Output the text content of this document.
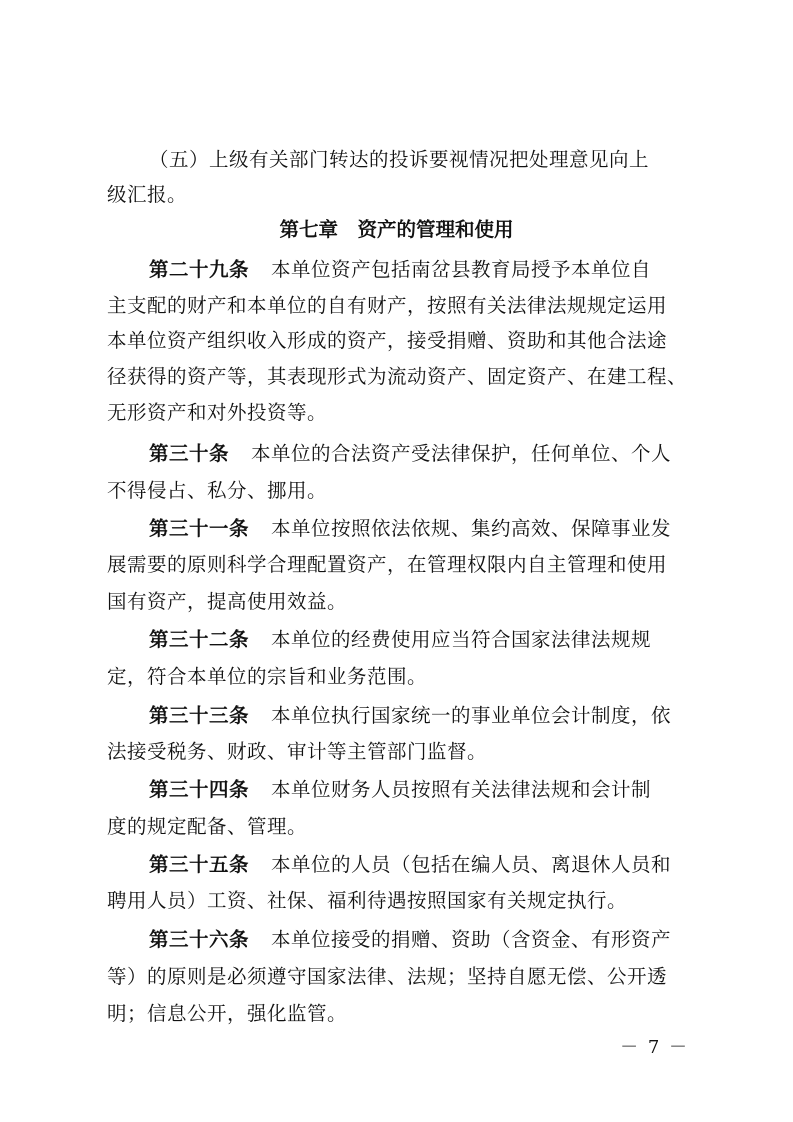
（五）上级有关部门转达的投诉要视情况把处理意见向上
级汇报。
第七章　资产的管理和使用
第二十九条 本单位资产包括南岔县教育局授予本单位自
主支配的财产和本单位的自有财产，按照有关法律法规规定运用
本单位资产组织收入形成的资产，接受捐赠、资助和其他合法途
径获得的资产等，其表现形式为流动资产、固定资产、在建工程、
无形资产和对外投资等。
第三十条 本单位的合法资产受法律保护，任何单位、个人
不得侵占、私分、挪用。
第三十一条 本单位按照依法依规、集约高效、保障事业发
展需要的原则科学合理配置资产，在管理权限内自主管理和使用
国有资产，提高使用效益。
第三十二条 本单位的经费使用应当符合国家法律法规规
定，符合本单位的宗旨和业务范围。
第三十三条 本单位执行国家统一的事业单位会计制度，依
法接受税务、财政、审计等主管部门监督。
第三十四条 本单位财务人员按照有关法律法规和会计制
度的规定配备、管理。
第三十五条 本单位的人员（包括在编人员、离退休人员和
聘用人员）工资、社保、福利待遇按照国家有关规定执行。
第三十六条 本单位接受的捐赠、资助（含资金、有形资产
等）的原则是必须遵守国家法律、法规；坚持自愿无偿、公开透
明；信息公开，强化监管。
－ 7 －
